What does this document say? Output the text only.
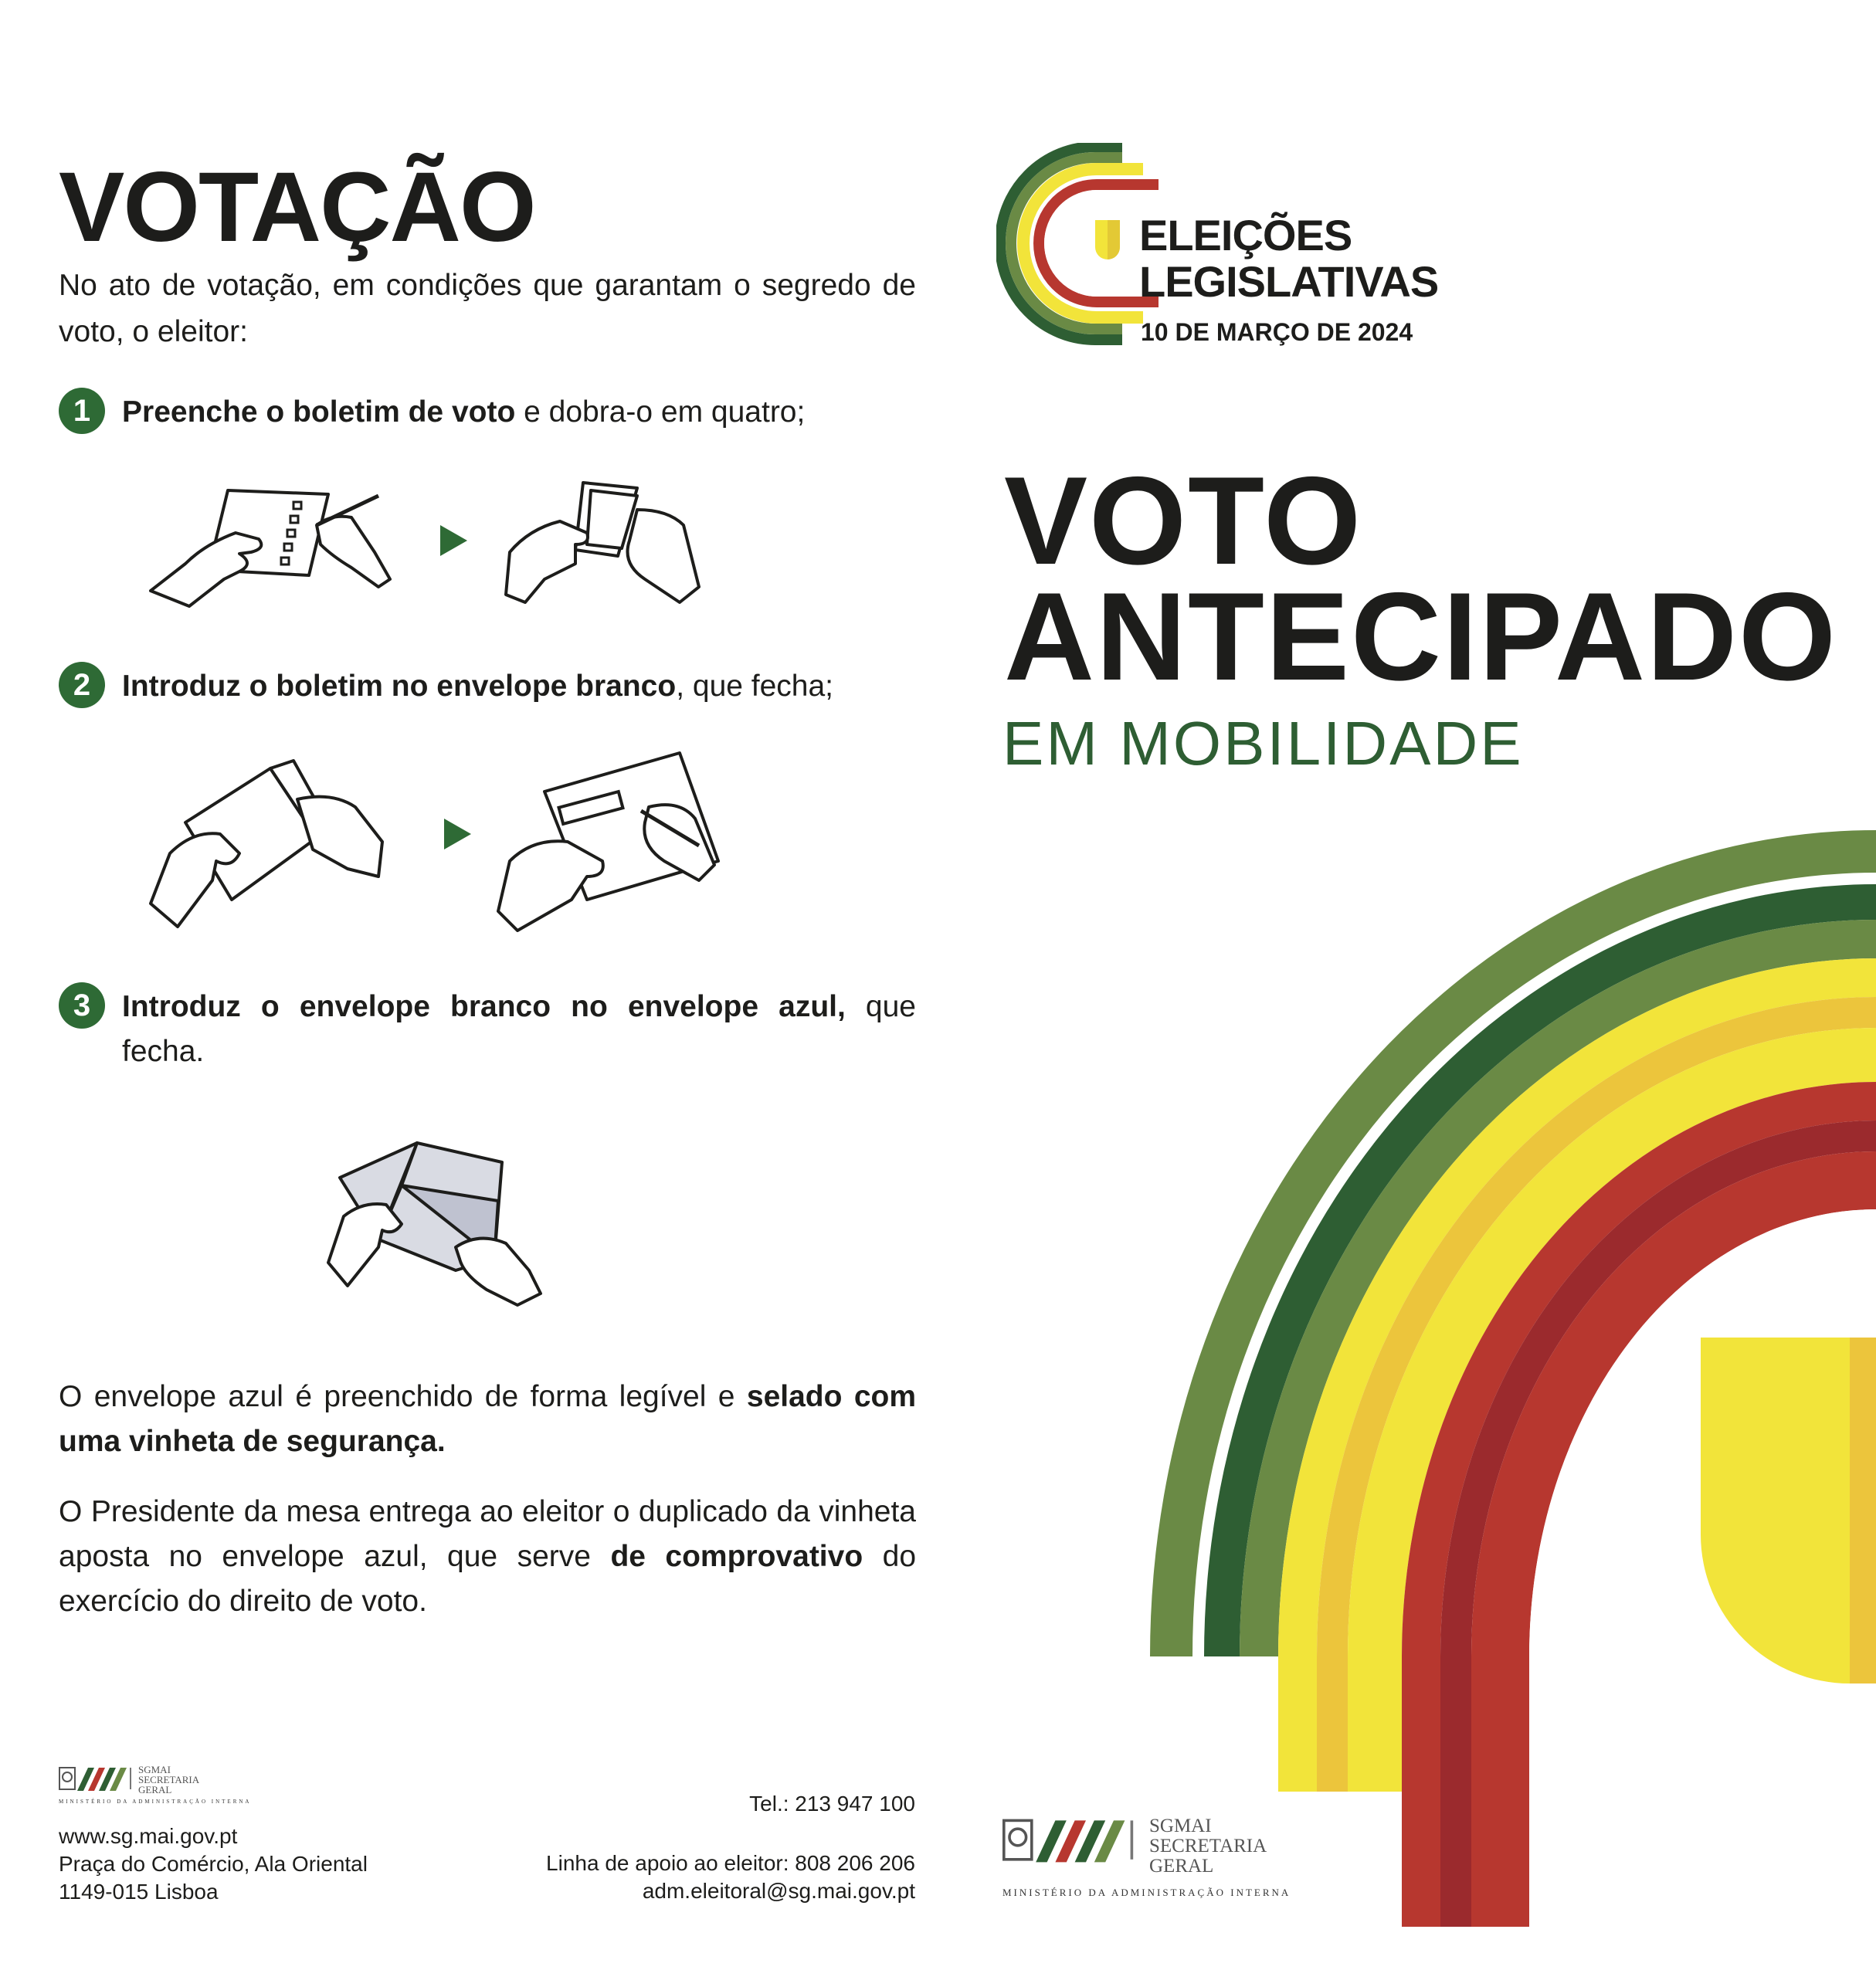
VOTAÇÃO
No ato de votação, em condições que garantam o segredo de voto, o eleitor:
1	Preenche o boletim de voto e dobra-o em quatro;
2	Introduz o boletim no envelope branco, que fecha;
3	Introduz o envelope branco no envelope azul, que fecha.
O envelope azul é preenchido de forma legível e selado com uma vinheta de segurança.
O Presidente da mesa entrega ao eleitor o duplicado da vinheta aposta no envelope azul, que serve de comprovativo do exercício do direito de voto.
SGMAI
SECRETARIA
GERAL
MINISTÉRIO DA ADMINISTRAÇÃO INTERNA
www.sg.mai.gov.pt
Praça do Comércio, Ala Oriental
1149-015 Lisboa
Tel.: 213 947 100
Linha de apoio ao eleitor: 808 206 206
adm.eleitoral@sg.mai.gov.pt
ELEIÇÕES
LEGISLATIVAS
10 DE MARÇO DE 2024
VOTO
ANTECIPADO
EM MOBILIDADE
SGMAI
SECRETARIA
GERAL
MINISTÉRIO DA ADMINISTRAÇÃO INTERNA
